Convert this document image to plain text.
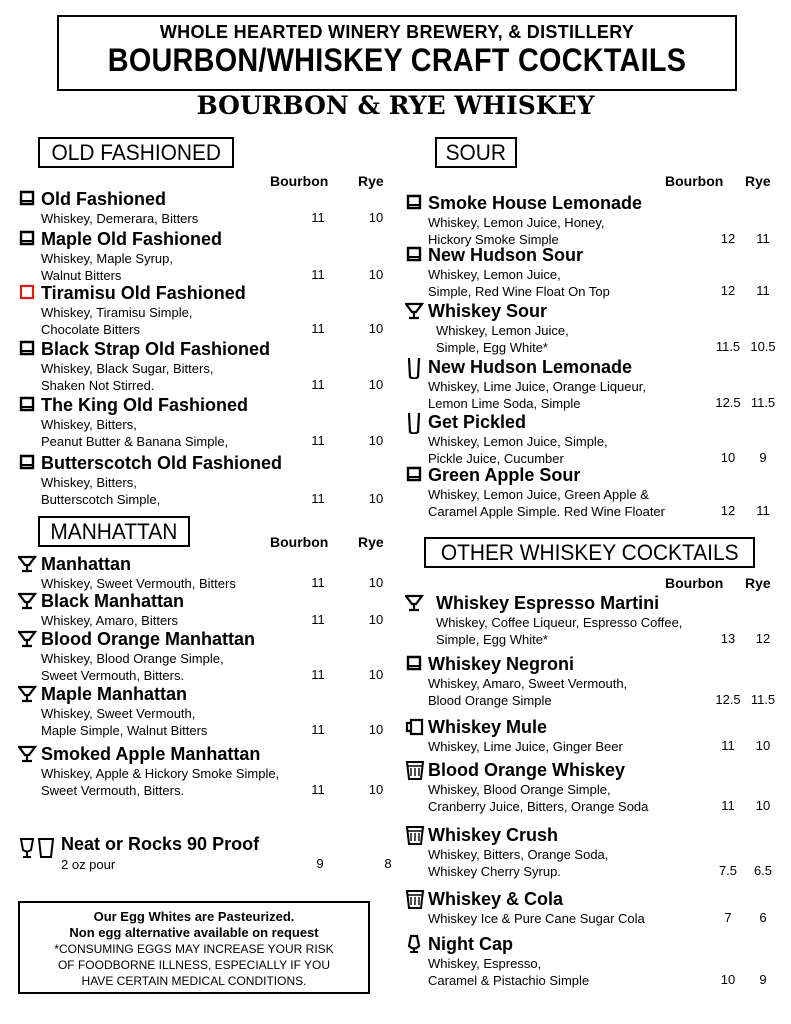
WHOLE HEARTED WINERY BREWERY, & DISTILLERY
BOURBON/WHISKEY CRAFT COCKTAILS
BOURBON & RYE WHISKEY
OLD FASHIONED
MANHATTAN
SOUR
OTHER WHISKEY COCKTAILS
Bourbon Rye
Bourbon Rye
Bourbon Rye
Bourbon Rye
Old Fashioned
Whiskey, Demerara, Bitters	11	10
Maple Old Fashioned
Whiskey, Maple Syrup,
Walnut Bitters	11	10
Tiramisu Old Fashioned
Whiskey, Tiramisu Simple,
Chocolate Bitters	11	10
Black Strap Old Fashioned
Whiskey, Black Sugar, Bitters,
Shaken Not Stirred.	11	10
The King Old Fashioned
Whiskey, Bitters,
Peanut Butter & Banana Simple,	11	10
Butterscotch Old Fashioned
Whiskey, Bitters,
Butterscotch Simple,	11	10
Manhattan
Whiskey, Sweet Vermouth, Bitters	11	10
Black Manhattan
Whiskey, Amaro, Bitters	11	10
Blood Orange Manhattan
Whiskey, Blood Orange Simple,
Sweet Vermouth, Bitters.	11	10
Maple Manhattan
Whiskey, Sweet Vermouth,
Maple Simple, Walnut Bitters	11	10
Smoked Apple Manhattan
Whiskey, Apple & Hickory Smoke Simple,
Sweet Vermouth, Bitters.	11	10
Smoke House Lemonade
Whiskey, Lemon Juice, Honey,
Hickory Smoke Simple	12	11
New Hudson Sour
Whiskey, Lemon Juice,
Simple, Red Wine Float On Top	12	11
Whiskey Sour
Whiskey, Lemon Juice,
Simple, Egg White*	11.5 10.5
New Hudson Lemonade
Whiskey, Lime Juice, Orange Liqueur,
Lemon Lime Soda, Simple	12.5 11.5
Get Pickled
Whiskey, Lemon Juice, Simple,
Pickle Juice, Cucumber	10	9
Green Apple Sour
Whiskey, Lemon Juice, Green Apple &
Caramel Apple Simple. Red Wine Floater	12	11
Whiskey Espresso Martini
Whiskey, Coffee Liqueur, Espresso Coffee,
Simple, Egg White*	13	12
Whiskey Negroni
Whiskey, Amaro, Sweet Vermouth,
Blood Orange Simple	12.5 11.5
Whiskey Mule
Whiskey, Lime Juice, Ginger Beer	11	10
Blood Orange Whiskey
Whiskey, Blood Orange Simple,
Cranberry Juice, Bitters, Orange Soda	11	10
Whiskey Crush
Whiskey, Bitters, Orange Soda,
Whiskey Cherry Syrup.	7.5	6.5
Whiskey & Cola
Whiskey Ice & Pure Cane Sugar Cola	7	6
Night Cap
Whiskey, Espresso,
Caramel & Pistachio Simple	10	9
Neat or Rocks 90 Proof
2 oz pour	9	8
Our Egg Whites are Pasteurized.
Non egg alternative available on request
*CONSUMING EGGS MAY INCREASE YOUR RISK
OF FOODBORNE ILLNESS, ESPECIALLY IF YOU
HAVE CERTAIN MEDICAL CONDITIONS.
